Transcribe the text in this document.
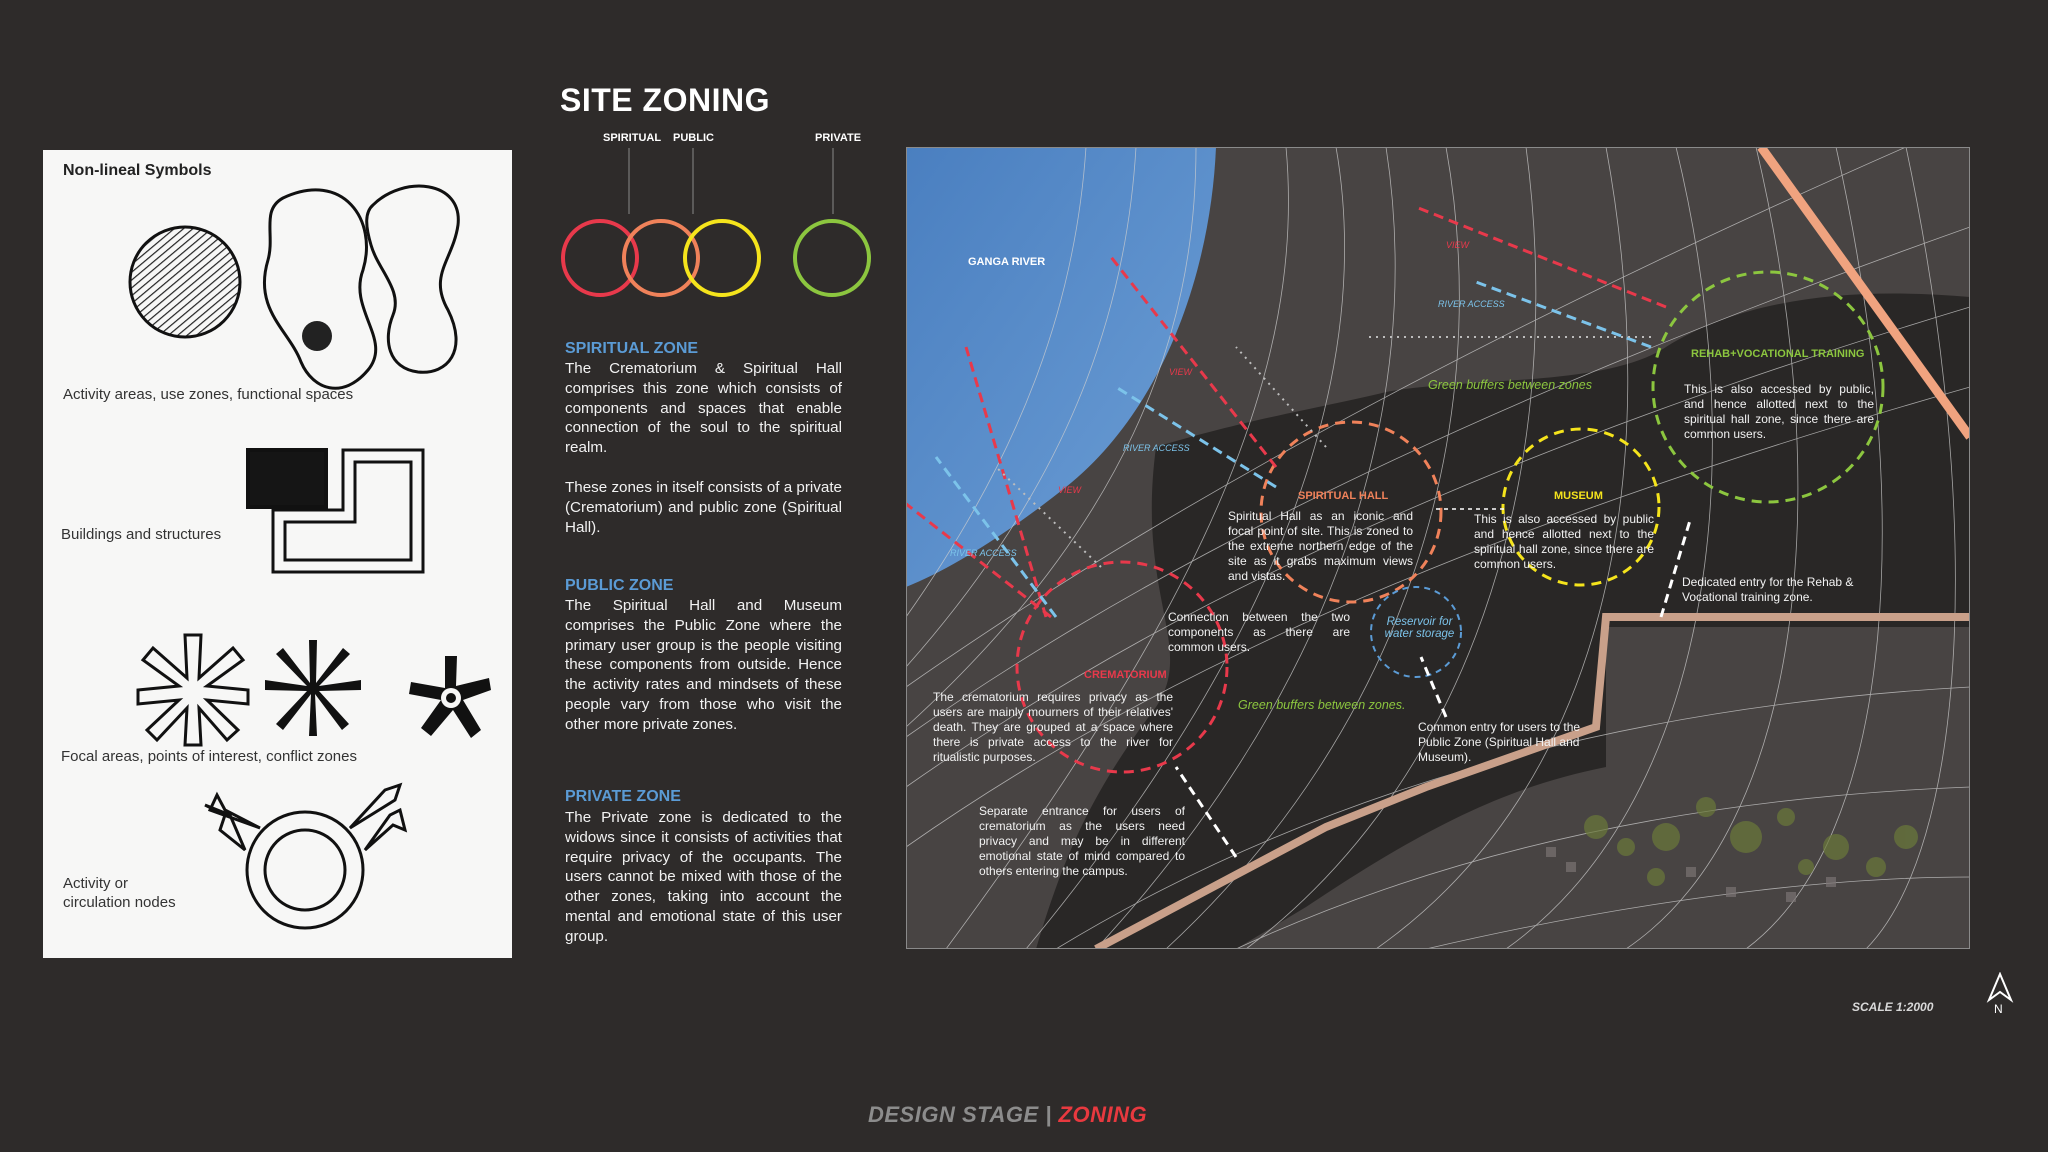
Non-lineal Symbols
Activity areas, use zones, functional spaces
Buildings and structures
Focal areas, points of interest, conflict zones
Activity or
circulation nodes
SITE ZONING
SPIRITUAL PUBLIC	PRIVATE
SPIRITUAL ZONE
The Crematorium & Spiritual Hall comprises this zone which consists of components and spaces that enable connection of the soul to the spiritual realm.
These zones in itself consists of a private (Crematorium) and public zone (Spiritual Hall).
PUBLIC ZONE
The Spiritual Hall and Museum comprises the Public Zone where the primary user group is the people visiting these components from outside. Hence the activity rates and mindsets of these people vary from those who visit the other more private zones.
PRIVATE ZONE
The Private zone is dedicated to the widows since it consists of activities that require privacy of the occupants. The users cannot be mixed with those of the other zones, taking into account the mental and emotional state of this user group.
GANGA RIVER
SPIRITUAL HALL	MUSEUM
REHAB+VOCATIONAL TRAINING
CREMATORIUM
Spiritual Hall as an iconic and focal point of site. This is zoned to the extreme northern edge of the site as it grabs maximum views and vistas.
This is also accessed by public and hence allotted next to the spiritual hall zone, since there are common users.
This is also accessed by public, and hence allotted next to the spiritual hall zone, since there are common users.
Connection between the two components as there are common users.
The crematorium requires privacy as the users are mainly mourners of their relatives' death. They are grouped at a space where there is private access to the river for ritualistic purposes.
Separate entrance for users of crematorium as the users need privacy and may be in different emotional state of mind compared to others entering the campus.
Common entry for users to the Public Zone (Spiritual Hall and Museum).
Dedicated entry for the Rehab & Vocational training zone.
Reservoir for water storage
Green buffers between zones
Green buffers between zones.
RIVER ACCESS
RIVER ACCESS
RIVER ACCESS
VIEW
VIEW
VIEW
SCALE 1:2000	N
DESIGN STAGE | ZONING
